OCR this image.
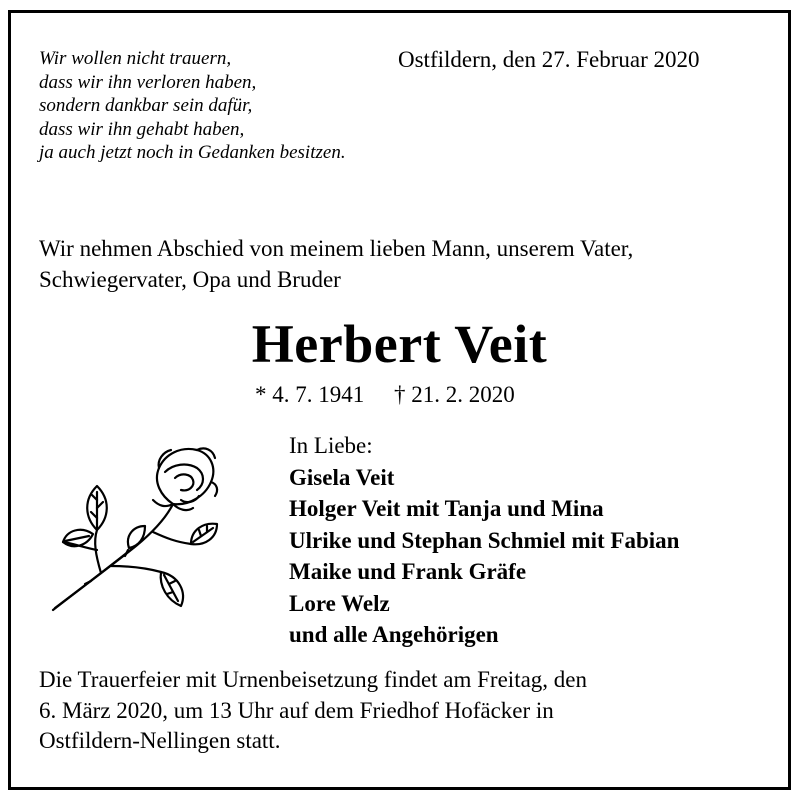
Wir wollen nicht trauern,
dass wir ihn verloren haben,
sondern dankbar sein dafür,
dass wir ihn gehabt haben,
ja auch jetzt noch in Gedanken besitzen.
Ostfildern, den 27. Februar 2020
Wir nehmen Abschied von meinem lieben Mann, unserem Vater,
Schwiegervater, Opa und Bruder
Herbert Veit
* 4. 7. 1941 † 21. 2. 2020
In Liebe:
Gisela Veit
Holger Veit mit Tanja und Mina
Ulrike und Stephan Schmiel mit Fabian
Maike und Frank Gräfe
Lore Welz
und alle Angehörigen
Die Trauerfeier mit Urnenbeisetzung findet am Freitag, den
6. März 2020, um 13 Uhr auf dem Friedhof Hofäcker in
Ostfildern-Nellingen statt.
